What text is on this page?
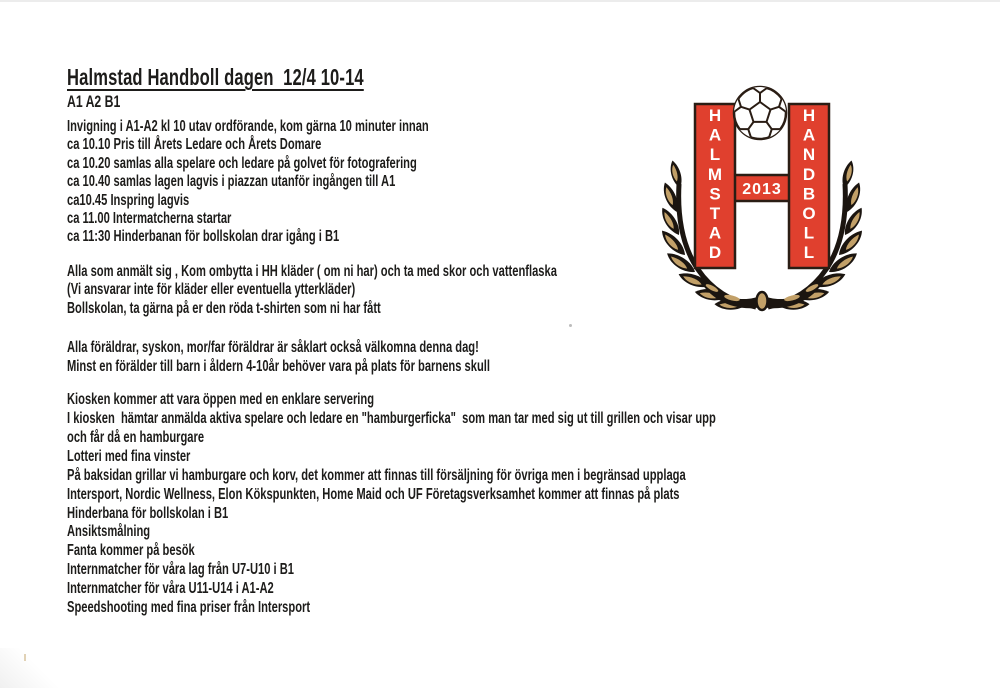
Halmstad Handboll dagen  12/4 10-14
A1 A2 B1
Invigning i A1-A2 kl 10 utav ordförande, kom gärna 10 minuter innan
ca 10.10 Pris till Årets Ledare och Årets Domare
ca 10.20 samlas alla spelare och ledare på golvet för fotografering
ca 10.40 samlas lagen lagvis i piazzan utanför ingången till A1
ca10.45 Inspring lagvis
ca 11.00 Intermatcherna startar
ca 11:30 Hinderbanan för bollskolan drar igång i B1
Alla som anmält sig , Kom ombytta i HH kläder ( om ni har) och ta med skor och vattenflaska
(Vi ansvarar inte för kläder eller eventuella ytterkläder)
Bollskolan, ta gärna på er den röda t-shirten som ni har fått
Alla föräldrar, syskon, mor/far föräldrar är såklart också välkomna denna dag!
Minst en förälder till barn i åldern 4-10år behöver vara på plats för barnens skull
Kiosken kommer att vara öppen med en enklare servering
I kiosken  hämtar anmälda aktiva spelare och ledare en "hamburgerficka"  som man tar med sig ut till grillen och visar upp
och får då en hamburgare
Lotteri med fina vinster
På baksidan grillar vi hamburgare och korv, det kommer att finnas till försäljning för övriga men i begränsad upplaga
Intersport, Nordic Wellness, Elon Kökspunkten, Home Maid och UF Företagsverksamhet kommer att finnas på plats
Hinderbana för bollskolan i B1
Ansiktsmålning
Fanta kommer på besök
Internmatcher för våra lag från U7-U10 i B1
Internmatcher för våra U11-U14 i A1-A2
Speedshooting med fina priser från Intersport
H A L M S T A D
H A N D B O L L
2013
